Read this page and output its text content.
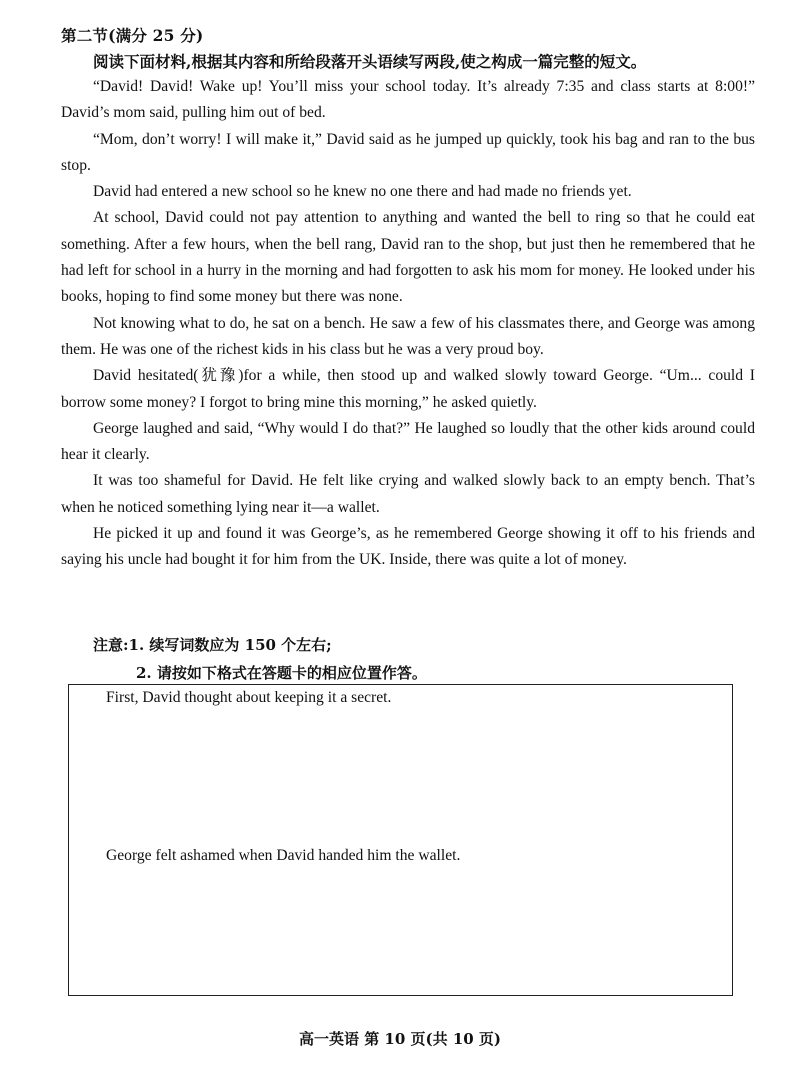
第二节(满分 25 分)
阅读下面材料,根据其内容和所给段落开头语续写两段,使之构成一篇完整的短文。

“David! David! Wake up! You’ll miss your school today. It’s already 7:35 and class starts at 8:00!” David’s mom said, pulling him out of bed.

“Mom, don’t worry! I will make it,” David said as he jumped up quickly, took his bag and ran to the bus stop.

David had entered a new school so he knew no one there and had made no friends yet.

At school, David could not pay attention to anything and wanted the bell to ring so that he could eat something. After a few hours, when the bell rang, David ran to the shop, but just then he remembered that he had left for school in a hurry in the morning and had forgotten to ask his mom for money. He looked under his books, hoping to find some money but there was none.

Not knowing what to do, he sat on a bench. He saw a few of his classmates there, and George was among them. He was one of the richest kids in his class but he was a very proud boy.

David hesitated(犹豫)for a while, then stood up and walked slowly toward George. “Um... could I borrow some money? I forgot to bring mine this morning,” he asked quietly.

George laughed and said, “Why would I do that?” He laughed so loudly that the other kids around could hear it clearly.

It was too shameful for David. He felt like crying and walked slowly back to an empty bench. That’s when he noticed something lying near it—a wallet.

He picked it up and found it was George’s, as he remembered George showing it off to his friends and saying his uncle had bought it for him from the UK. Inside, there was quite a lot of money.

注意:1. 续写词数应为 150 个左右;
2. 请按如下格式在答题卡的相应位置作答。
First, David thought about keeping it a secret.
George felt ashamed when David handed him the wallet.
高一英语 第 10 页(共 10 页)
